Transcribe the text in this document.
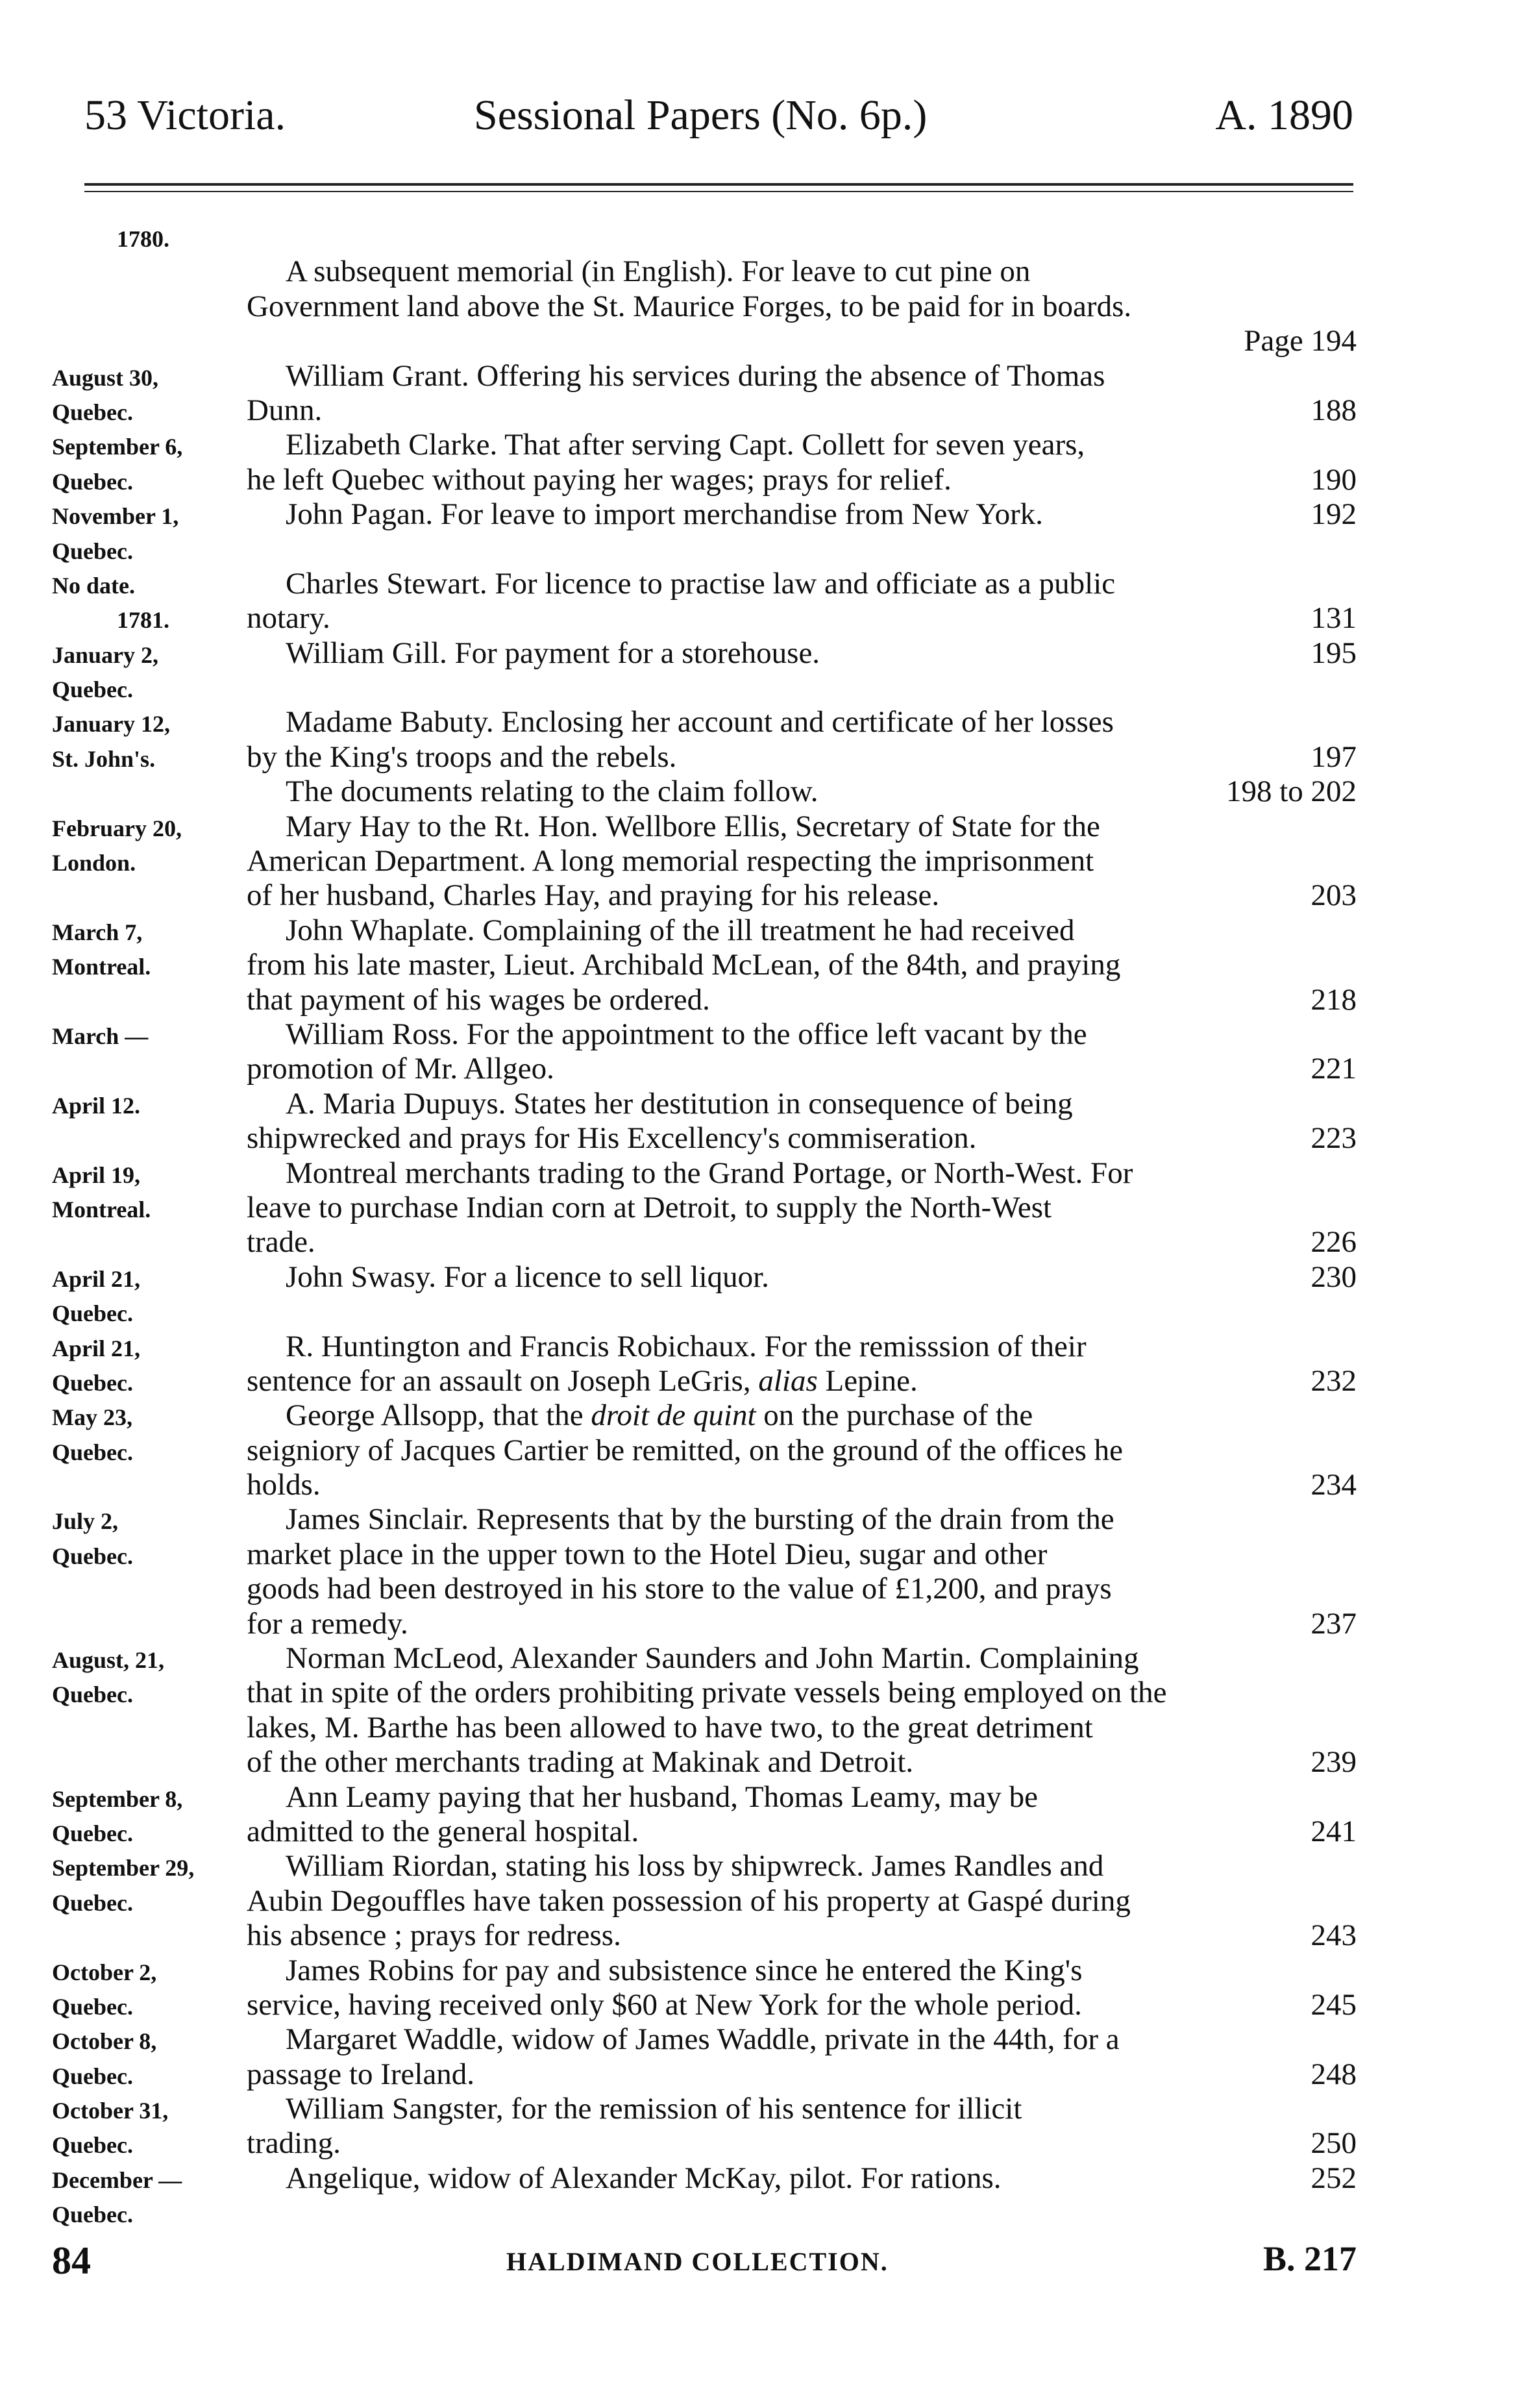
53 Victoria.	Sessional Papers (No. 6p.)	A. 1890
1780.
A subsequent memorial (in English). For leave to cut pine on
Government land above the St. Maurice Forges, to be paid for in boards.
Page 194
August 30,	William Grant. Offering his services during the absence of Thomas
Quebec.	Dunn.	188
September 6,	Elizabeth Clarke. That after serving Capt. Collett for seven years,
Quebec.	he left Quebec without paying her wages; prays for relief.	190
November 1,	John Pagan. For leave to import merchandise from New York.	192
Quebec.
No date.	Charles Stewart. For licence to practise law and officiate as a public
1781.	notary.	131
January 2,	William Gill. For payment for a storehouse.	195
Quebec.
January 12,	Madame Babuty. Enclosing her account and certificate of her losses
St. John's.	by the King's troops and the rebels.	197
The documents relating to the claim follow.	198 to 202
February 20,	Mary Hay to the Rt. Hon. Wellbore Ellis, Secretary of State for the
London.	American Department. A long memorial respecting the imprisonment
of her husband, Charles Hay, and praying for his release.	203
March 7,	John Whaplate. Complaining of the ill treatment he had received
Montreal.	from his late master, Lieut. Archibald McLean, of the 84th, and praying
that payment of his wages be ordered.	218
March —	William Ross. For the appointment to the office left vacant by the
promotion of Mr. Allgeo.	221
April 12.	A. Maria Dupuys. States her destitution in consequence of being
shipwrecked and prays for His Excellency's commiseration.	223
April 19,	Montreal merchants trading to the Grand Portage, or North-West. For
Montreal.	leave to purchase Indian corn at Detroit, to supply the North-West
trade.	226
April 21,	John Swasy. For a licence to sell liquor.	230
Quebec.
April 21,	R. Huntington and Francis Robichaux. For the remisssion of their
Quebec.	sentence for an assault on Joseph LeGris, alias Lepine.	232
May 23,	George Allsopp, that the droit de quint on the purchase of the
Quebec.	seigniory of Jacques Cartier be remitted, on the ground of the offices he
holds.	234
July 2,	James Sinclair. Represents that by the bursting of the drain from the
Quebec.	market place in the upper town to the Hotel Dieu, sugar and other
goods had been destroyed in his store to the value of £1,200, and prays
for a remedy.	237
August, 21,	Norman McLeod, Alexander Saunders and John Martin. Complaining
Quebec.	that in spite of the orders prohibiting private vessels being employed on the
lakes, M. Barthe has been allowed to have two, to the great detriment
of the other merchants trading at Makinak and Detroit.	239
September 8,	Ann Leamy paying that her husband, Thomas Leamy, may be
Quebec.	admitted to the general hospital.	241
September 29,	William Riordan, stating his loss by shipwreck. James Randles and
Quebec.	Aubin Degouffles have taken possession of his property at Gaspé during
his absence ; prays for redress.	243
October 2,	James Robins for pay and subsistence since he entered the King's
Quebec.	service, having received only $60 at New York for the whole period.	245
October 8,	Margaret Waddle, widow of James Waddle, private in the 44th, for a
Quebec.	passage to Ireland.	248
October 31,	William Sangster, for the remission of his sentence for illicit
Quebec.	trading.	250
December —	Angelique, widow of Alexander McKay, pilot. For rations.	252
Quebec.
84	HALDIMAND COLLECTION.	B. 217
